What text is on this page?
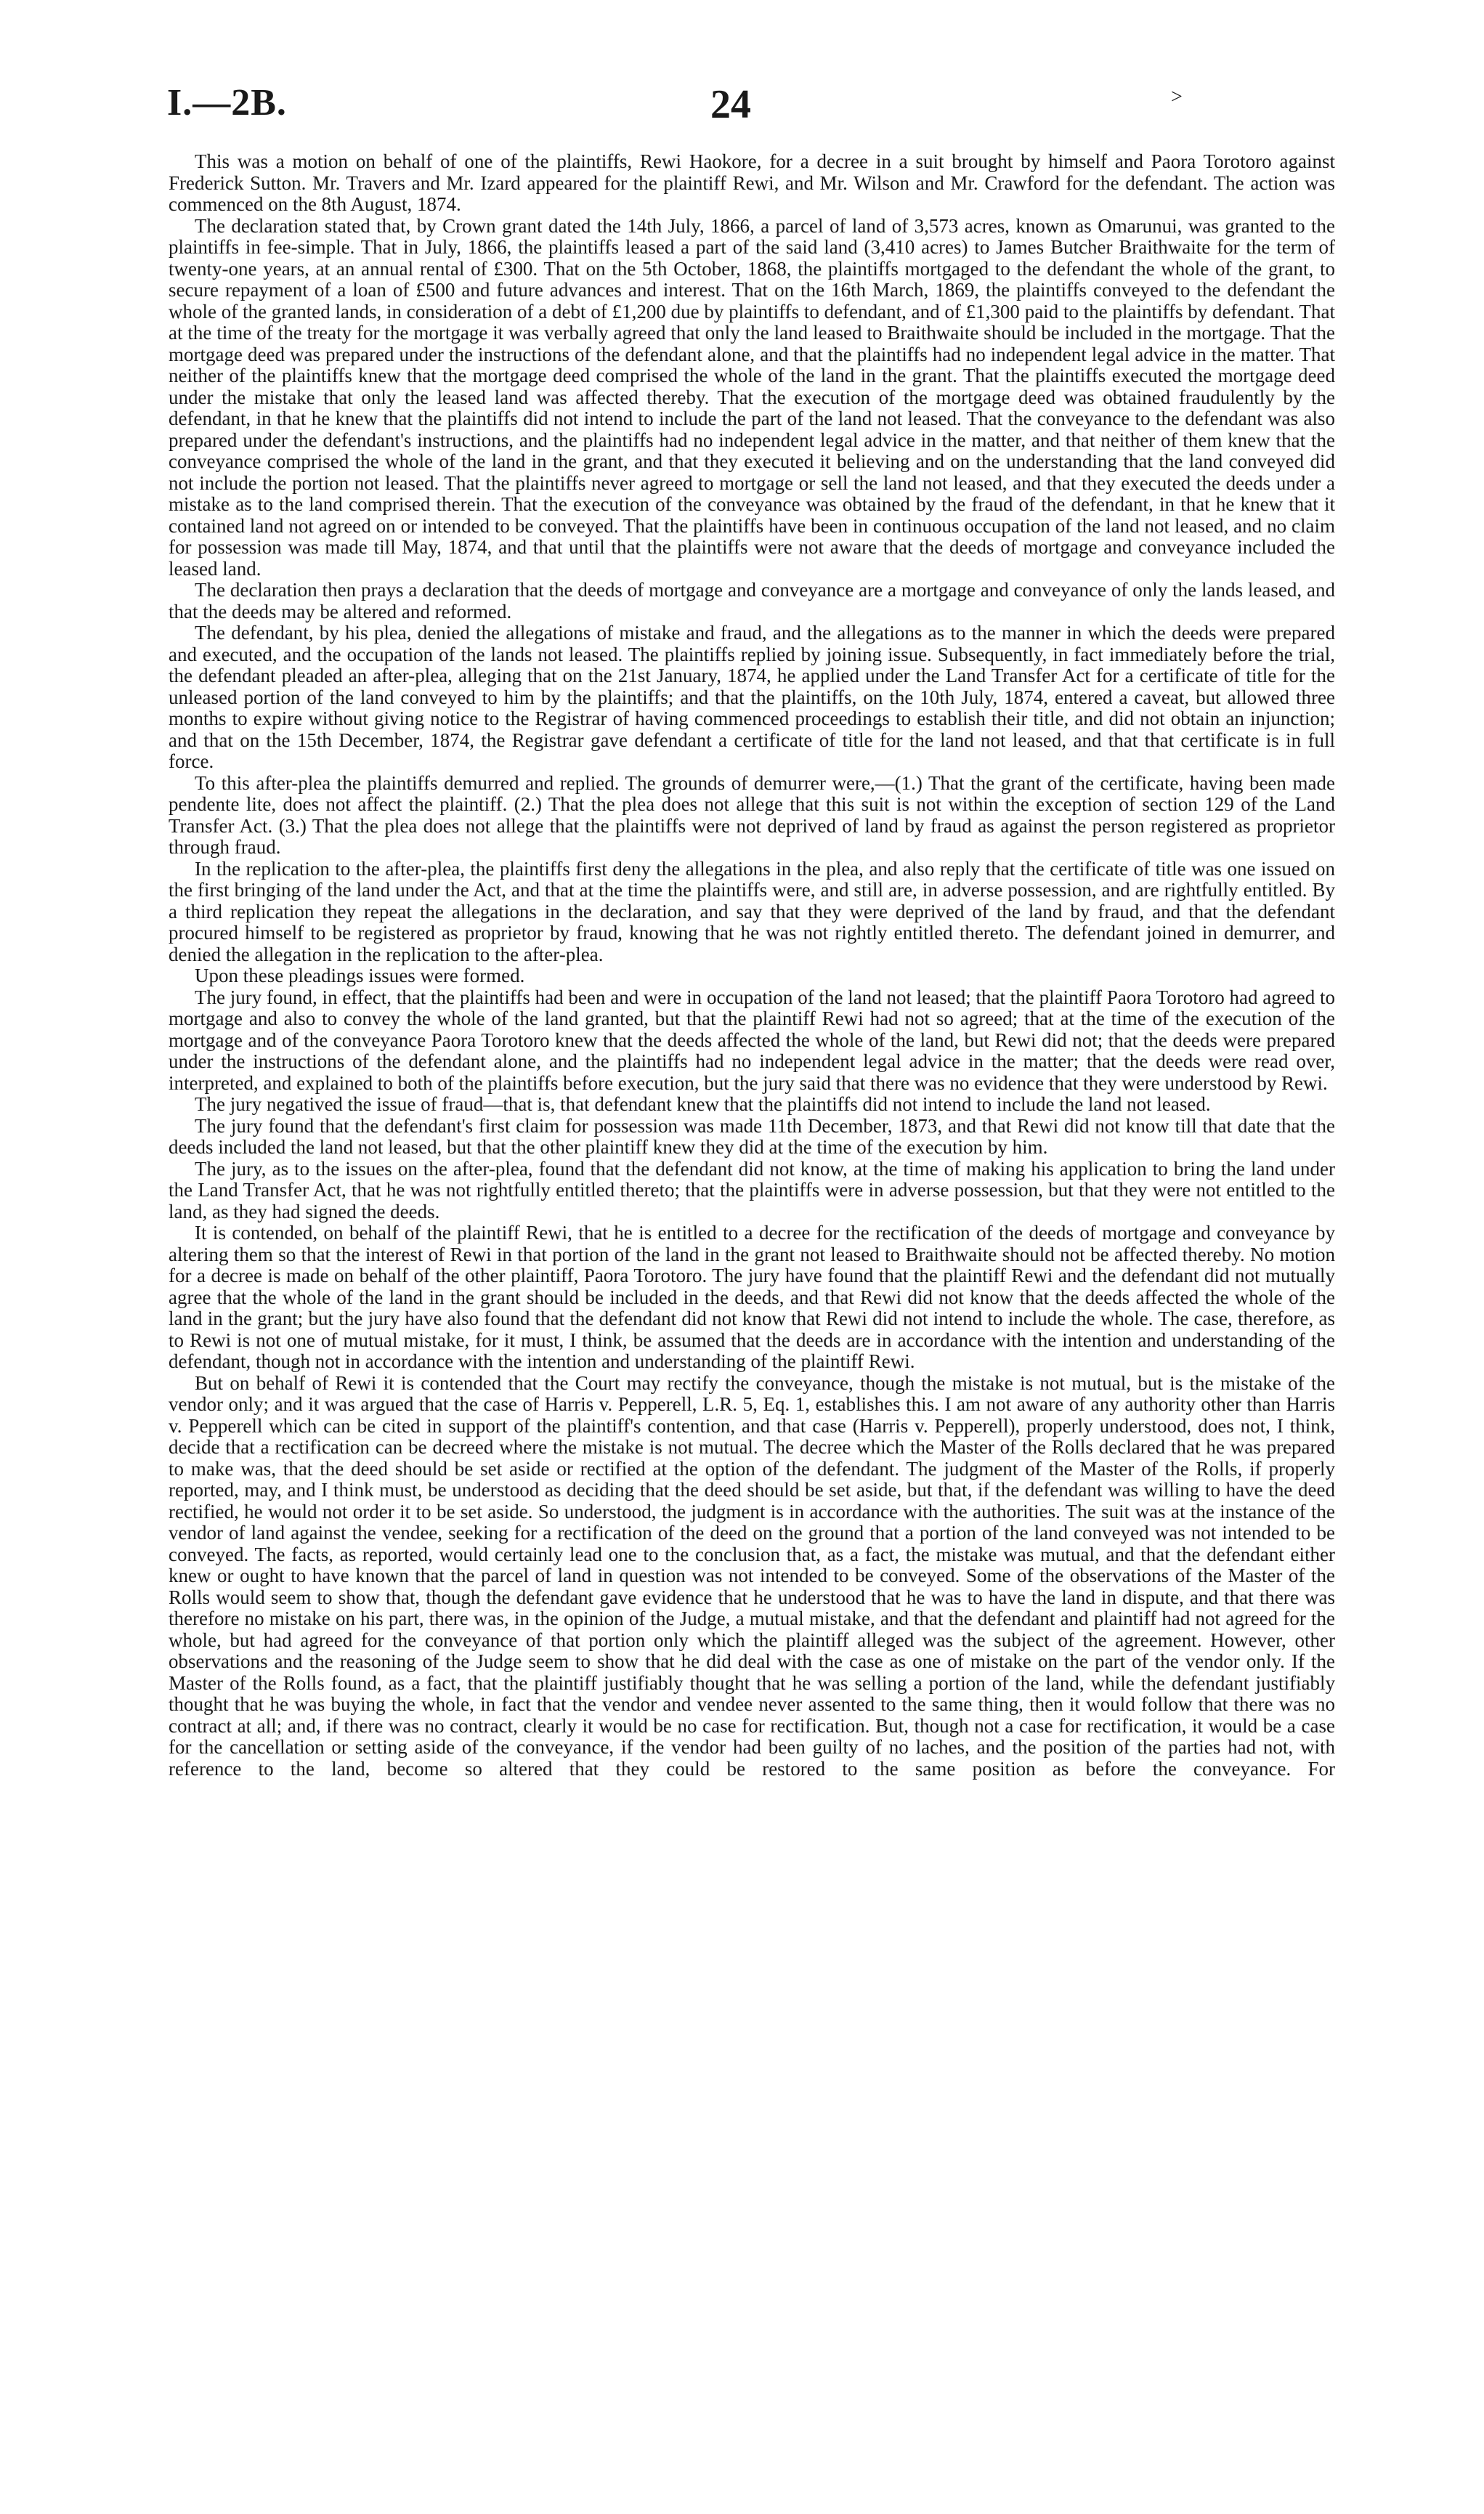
I.—2B.	24	˃

This was a motion on behalf of one of the plaintiffs, Rewi Haokore, for a decree in a suit brought by himself and Paora Torotoro against Frederick Sutton. Mr. Travers and Mr. Izard appeared for the plaintiff Rewi, and Mr. Wilson and Mr. Crawford for the defendant. The action was commenced on the 8th August, 1874.

The declaration stated that, by Crown grant dated the 14th July, 1866, a parcel of land of 3,573 acres, known as Omarunui, was granted to the plaintiffs in fee-simple. That in July, 1866, the plaintiffs leased a part of the said land (3,410 acres) to James Butcher Braithwaite for the term of twenty-one years, at an annual rental of £300. That on the 5th October, 1868, the plaintiffs mortgaged to the defendant the whole of the grant, to secure repayment of a loan of £500 and future advances and interest. That on the 16th March, 1869, the plaintiffs conveyed to the defendant the whole of the granted lands, in consideration of a debt of £1,200 due by plaintiffs to defendant, and of £1,300 paid to the plaintiffs by defendant. That at the time of the treaty for the mortgage it was verbally agreed that only the land leased to Braithwaite should be included in the mortgage. That the mortgage deed was prepared under the instructions of the defendant alone, and that the plaintiffs had no independent legal advice in the matter. That neither of the plaintiffs knew that the mortgage deed comprised the whole of the land in the grant. That the plaintiffs executed the mortgage deed under the mistake that only the leased land was affected thereby. That the execution of the mortgage deed was obtained fraudulently by the defendant, in that he knew that the plaintiffs did not intend to include the part of the land not leased. That the conveyance to the defendant was also prepared under the defendant's instructions, and the plaintiffs had no independent legal advice in the matter, and that neither of them knew that the conveyance comprised the whole of the land in the grant, and that they executed it believing and on the understanding that the land conveyed did not include the portion not leased. That the plaintiffs never agreed to mortgage or sell the land not leased, and that they executed the deeds under a mistake as to the land comprised therein. That the execution of the conveyance was obtained by the fraud of the defendant, in that he knew that it contained land not agreed on or intended to be conveyed. That the plaintiffs have been in continuous occupation of the land not leased, and no claim for possession was made till May, 1874, and that until that the plaintiffs were not aware that the deeds of mortgage and conveyance included the leased land.

The declaration then prays a declaration that the deeds of mortgage and conveyance are a mortgage and conveyance of only the lands leased, and that the deeds may be altered and reformed.

The defendant, by his plea, denied the allegations of mistake and fraud, and the allegations as to the manner in which the deeds were prepared and executed, and the occupation of the lands not leased. The plaintiffs replied by joining issue. Subsequently, in fact immediately before the trial, the defendant pleaded an after-plea, alleging that on the 21st January, 1874, he applied under the Land Transfer Act for a certificate of title for the unleased portion of the land conveyed to him by the plaintiffs; and that the plaintiffs, on the 10th July, 1874, entered a caveat, but allowed three months to expire without giving notice to the Registrar of having commenced proceedings to establish their title, and did not obtain an injunction; and that on the 15th December, 1874, the Registrar gave defendant a certificate of title for the land not leased, and that that certificate is in full force.

To this after-plea the plaintiffs demurred and replied. The grounds of demurrer were,—(1.) That the grant of the certificate, having been made pendente lite, does not affect the plaintiff. (2.) That the plea does not allege that this suit is not within the exception of section 129 of the Land Transfer Act. (3.) That the plea does not allege that the plaintiffs were not deprived of land by fraud as against the person registered as proprietor through fraud.

In the replication to the after-plea, the plaintiffs first deny the allegations in the plea, and also reply that the certificate of title was one issued on the first bringing of the land under the Act, and that at the time the plaintiffs were, and still are, in adverse possession, and are rightfully entitled. By a third replication they repeat the allegations in the declaration, and say that they were deprived of the land by fraud, and that the defendant procured himself to be registered as proprietor by fraud, knowing that he was not rightly entitled thereto. The defendant joined in demurrer, and denied the allegation in the replication to the after-plea.

Upon these pleadings issues were formed.

The jury found, in effect, that the plaintiffs had been and were in occupation of the land not leased; that the plaintiff Paora Torotoro had agreed to mortgage and also to convey the whole of the land granted, but that the plaintiff Rewi had not so agreed; that at the time of the execution of the mortgage and of the conveyance Paora Torotoro knew that the deeds affected the whole of the land, but Rewi did not; that the deeds were prepared under the instructions of the defendant alone, and the plaintiffs had no independent legal advice in the matter; that the deeds were read over, interpreted, and explained to both of the plaintiffs before execution, but the jury said that there was no evidence that they were understood by Rewi.

The jury negatived the issue of fraud—that is, that defendant knew that the plaintiffs did not intend to include the land not leased.

The jury found that the defendant's first claim for possession was made 11th December, 1873, and that Rewi did not know till that date that the deeds included the land not leased, but that the other plaintiff knew they did at the time of the execution by him.

The jury, as to the issues on the after-plea, found that the defendant did not know, at the time of making his application to bring the land under the Land Transfer Act, that he was not rightfully entitled thereto; that the plaintiffs were in adverse possession, but that they were not entitled to the land, as they had signed the deeds.

It is contended, on behalf of the plaintiff Rewi, that he is entitled to a decree for the rectification of the deeds of mortgage and conveyance by altering them so that the interest of Rewi in that portion of the land in the grant not leased to Braithwaite should not be affected thereby. No motion for a decree is made on behalf of the other plaintiff, Paora Torotoro. The jury have found that the plaintiff Rewi and the defendant did not mutually agree that the whole of the land in the grant should be included in the deeds, and that Rewi did not know that the deeds affected the whole of the land in the grant; but the jury have also found that the defendant did not know that Rewi did not intend to include the whole. The case, therefore, as to Rewi is not one of mutual mistake, for it must, I think, be assumed that the deeds are in accordance with the intention and understanding of the defendant, though not in accordance with the intention and understanding of the plaintiff Rewi.

But on behalf of Rewi it is contended that the Court may rectify the conveyance, though the mistake is not mutual, but is the mistake of the vendor only; and it was argued that the case of Harris v. Pepperell, L.R. 5, Eq. 1, establishes this. I am not aware of any authority other than Harris v. Pepperell which can be cited in support of the plaintiff's contention, and that case (Harris v. Pepperell), properly understood, does not, I think, decide that a rectification can be decreed where the mistake is not mutual. The decree which the Master of the Rolls declared that he was prepared to make was, that the deed should be set aside or rectified at the option of the defendant. The judgment of the Master of the Rolls, if properly reported, may, and I think must, be understood as deciding that the deed should be set aside, but that, if the defendant was willing to have the deed rectified, he would not order it to be set aside. So understood, the judgment is in accordance with the authorities. The suit was at the instance of the vendor of land against the vendee, seeking for a rectification of the deed on the ground that a portion of the land conveyed was not intended to be conveyed. The facts, as reported, would certainly lead one to the conclusion that, as a fact, the mistake was mutual, and that the defendant either knew or ought to have known that the parcel of land in question was not intended to be conveyed. Some of the observations of the Master of the Rolls would seem to show that, though the defendant gave evidence that he understood that he was to have the land in dispute, and that there was therefore no mistake on his part, there was, in the opinion of the Judge, a mutual mistake, and that the defendant and plaintiff had not agreed for the whole, but had agreed for the conveyance of that portion only which the plaintiff alleged was the subject of the agreement. However, other observations and the reasoning of the Judge seem to show that he did deal with the case as one of mistake on the part of the vendor only. If the Master of the Rolls found, as a fact, that the plaintiff justifiably thought that he was selling a portion of the land, while the defendant justifiably thought that he was buying the whole, in fact that the vendor and vendee never assented to the same thing, then it would follow that there was no contract at all; and, if there was no contract, clearly it would be no case for rectification. But, though not a case for rectification, it would be a case for the cancellation or setting aside of the conveyance, if the vendor had been guilty of no laches, and the position of the parties had not, with reference to the land, become so altered that they could be restored to the same position as before the conveyance. For
